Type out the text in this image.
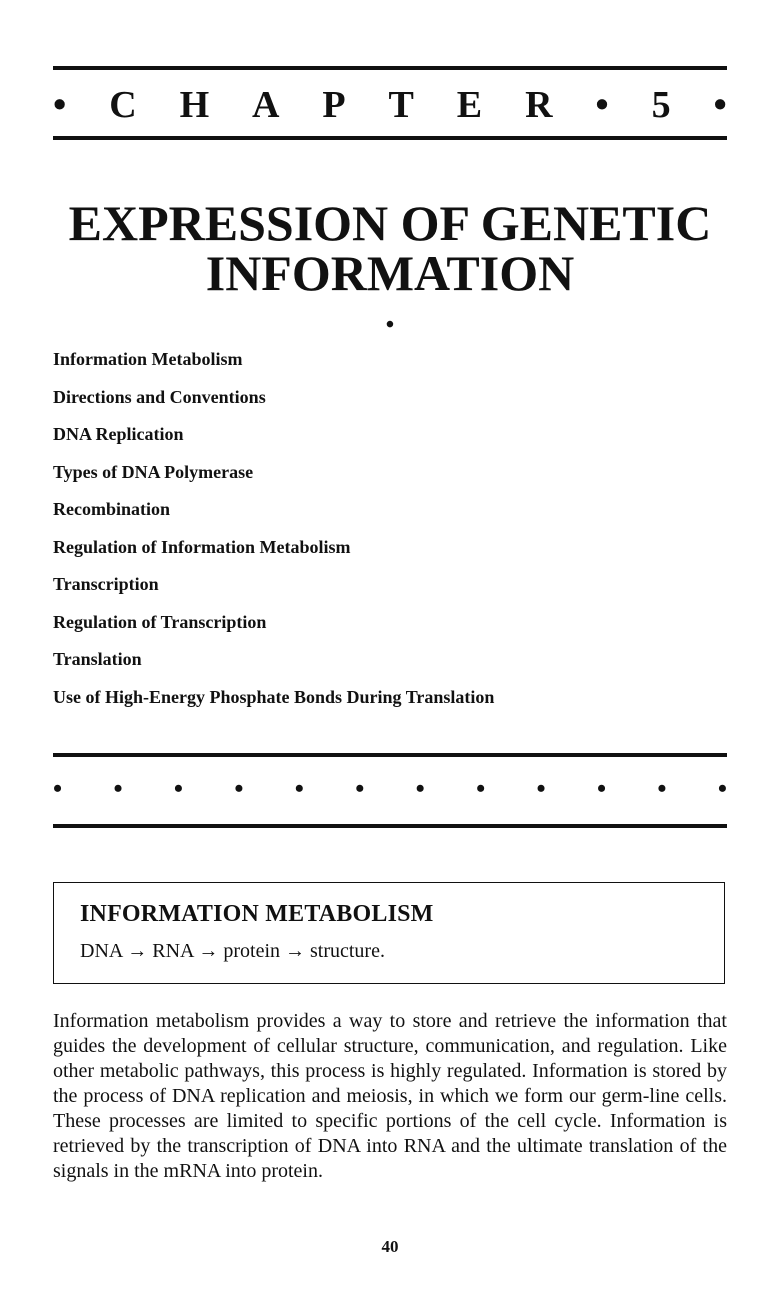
• C H A P T E R • 5 •
EXPRESSION OF GENETIC
INFORMATION
•
Information Metabolism
Directions and Conventions
DNA Replication
Types of DNA Polymerase
Recombination
Regulation of Information Metabolism
Transcription
Regulation of Transcription
Translation
Use of High-Energy Phosphate Bonds During Translation
• • • • • • • • • • • •
INFORMATION METABOLISM
DNA → RNA → protein → structure.

Information metabolism provides a way to store and retrieve the information that guides the development of cellular structure, communication, and regulation. Like other metabolic pathways, this process is highly regulated. Information is stored by the process of DNA replication and meiosis, in which we form our germ-line cells. These processes are limited to specific portions of the cell cycle. Information is retrieved by the transcription of DNA into RNA and the ultimate translation of the signals in the mRNA into protein.

40
